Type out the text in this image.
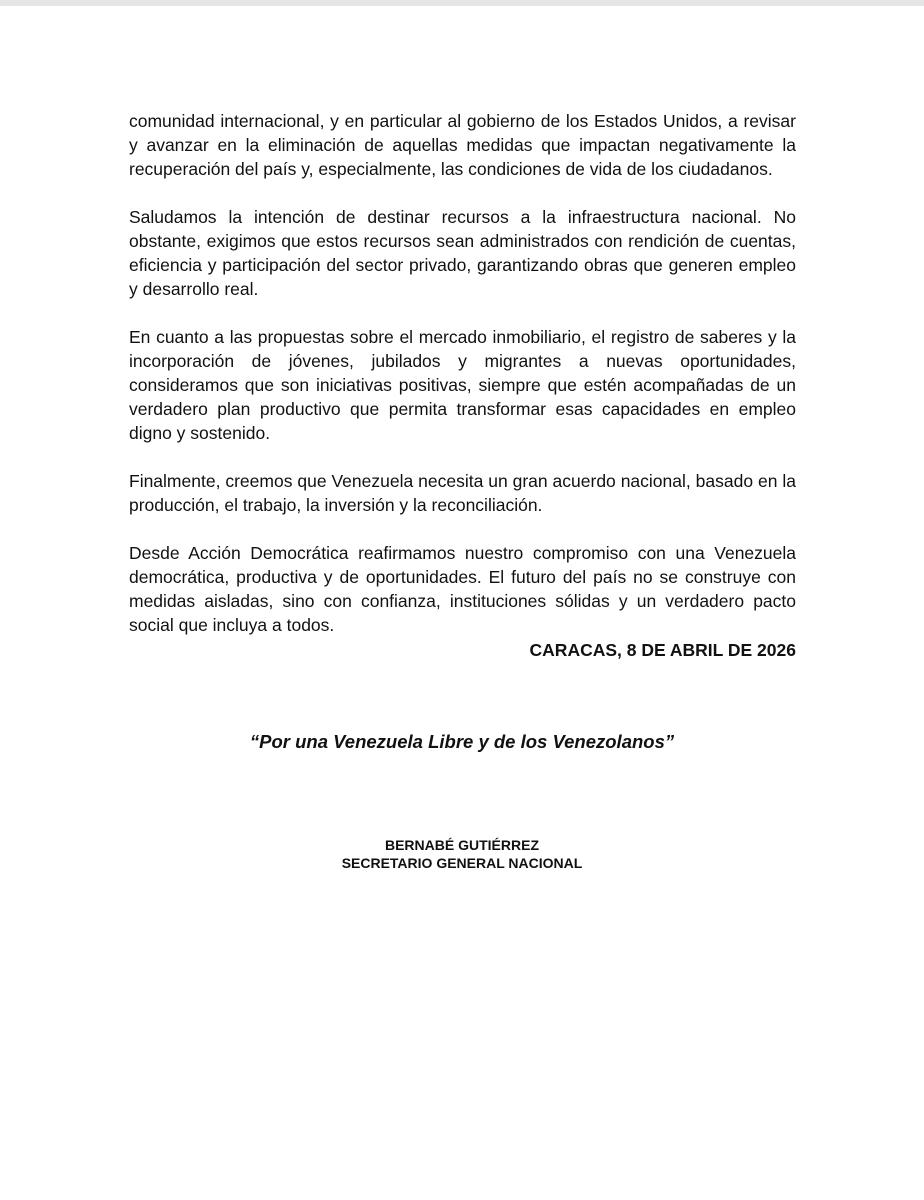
comunidad internacional, y en particular al gobierno de los Estados Unidos, a revisar y avanzar en la eliminación de aquellas medidas que impactan negativamente la recuperación del país y, especialmente, las condiciones de vida de los ciudadanos.

Saludamos la intención de destinar recursos a la infraestructura nacional. No obstante, exigimos que estos recursos sean administrados con rendición de cuentas, eficiencia y participación del sector privado, garantizando obras que generen empleo y desarrollo real.

En cuanto a las propuestas sobre el mercado inmobiliario, el registro de saberes y la incorporación de jóvenes, jubilados y migrantes a nuevas oportunidades, consideramos que son iniciativas positivas, siempre que estén acompañadas de un verdadero plan productivo que permita transformar esas capacidades en empleo digno y sostenido.

Finalmente, creemos que Venezuela necesita un gran acuerdo nacional, basado en la producción, el trabajo, la inversión y la reconciliación.

Desde Acción Democrática reafirmamos nuestro compromiso con una Venezuela democrática, productiva y de oportunidades. El futuro del país no se construye con medidas aisladas, sino con confianza, instituciones sólidas y un verdadero pacto social que incluya a todos.

CARACAS, 8 DE ABRIL DE 2026
“Por una Venezuela Libre y de los Venezolanos”
BERNABÉ GUTIÉRREZ
SECRETARIO GENERAL NACIONAL
